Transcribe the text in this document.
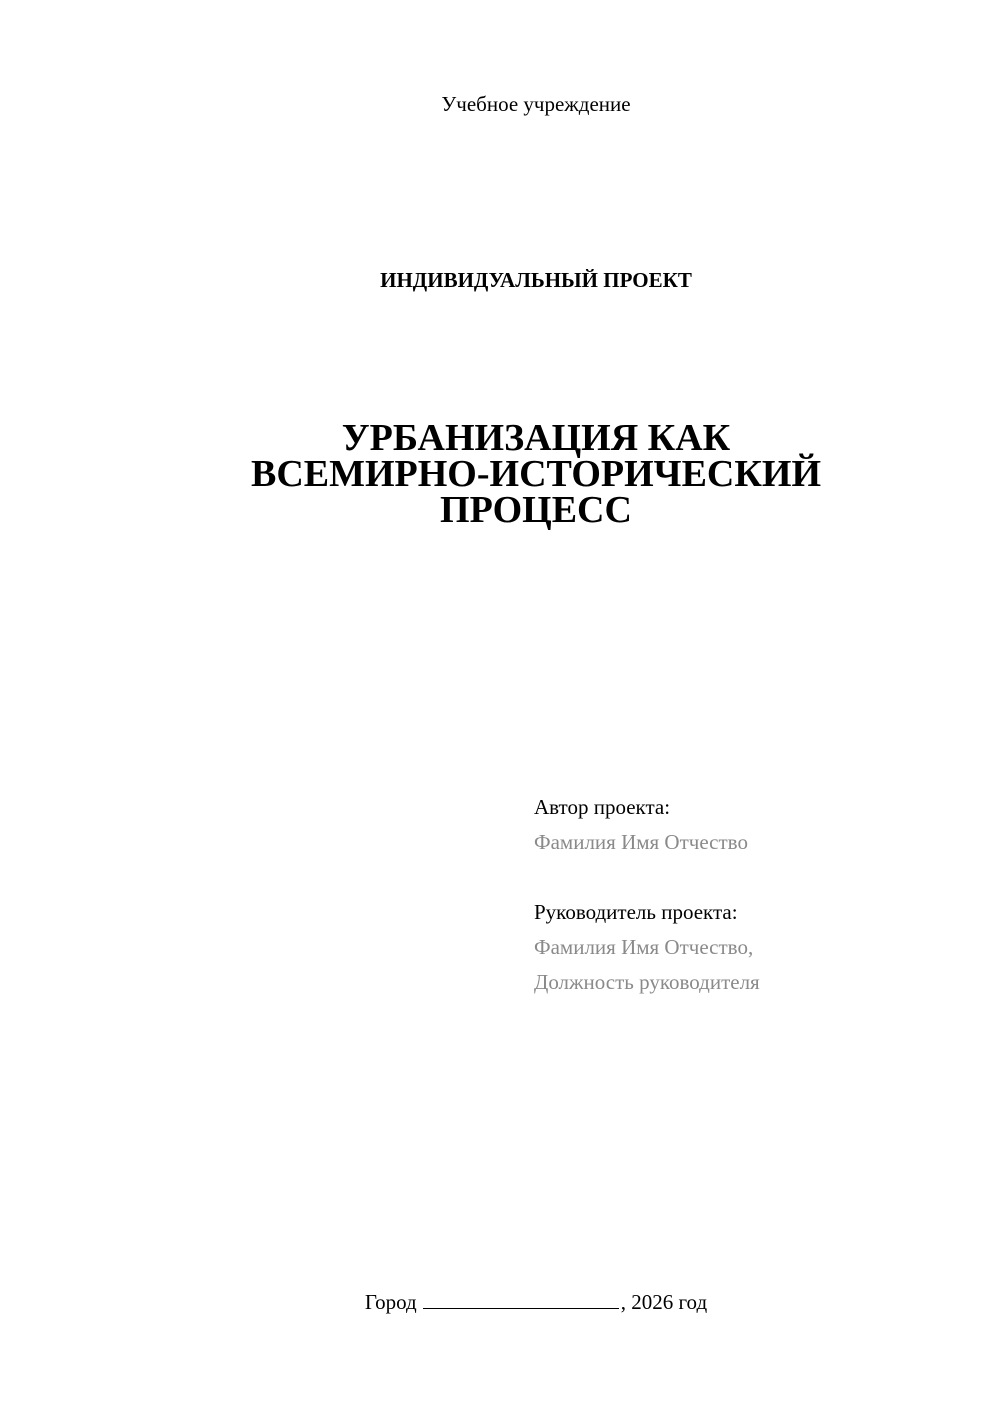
Учебное учреждение
ИНДИВИДУАЛЬНЫЙ ПРОЕКТ
УРБАНИЗАЦИЯ КАК
ВСЕМИРНО-ИСТОРИЧЕСКИЙ
ПРОЦЕСС
Автор проекта:
Фамилия Имя Отчество
Руководитель проекта:
Фамилия Имя Отчество,
Должность руководителя
Город	, 2026 год
